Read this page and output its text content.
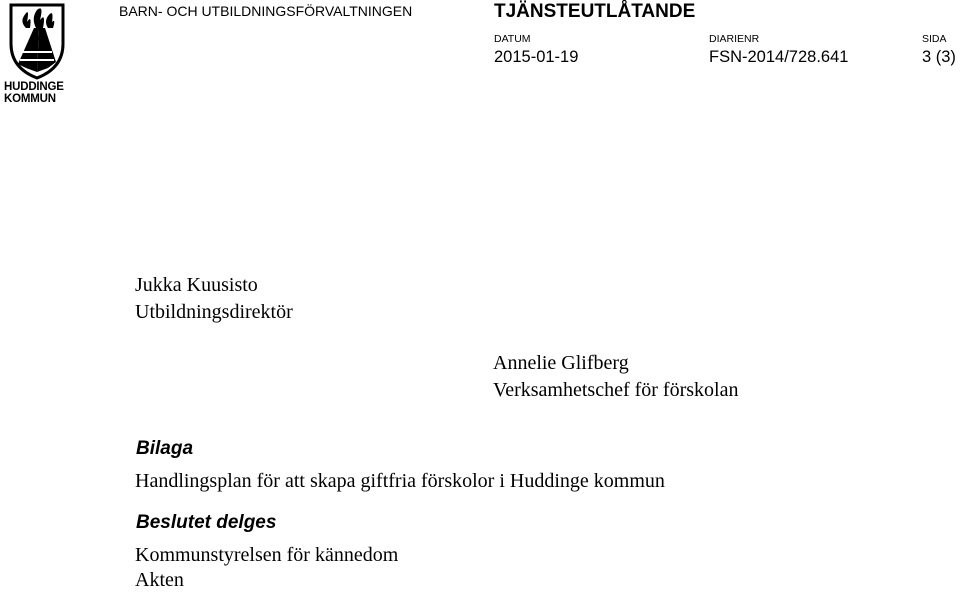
HUDDINGE
KOMMUN
BARN- OCH UTBILDNINGSFÖRVALTNINGEN	TJÄNSTEUTLÅTANDE
DATUM
2015-01-19
DIARIENR
FSN-2014/728.641
SIDA
3 (3)
Jukka Kuusisto
Utbildningsdirektör
Annelie Glifberg
Verksamhetschef för förskolan
Bilaga
Handlingsplan för att skapa giftfria förskolor i Huddinge kommun
Beslutet delges
Kommunstyrelsen för kännedom
Akten
